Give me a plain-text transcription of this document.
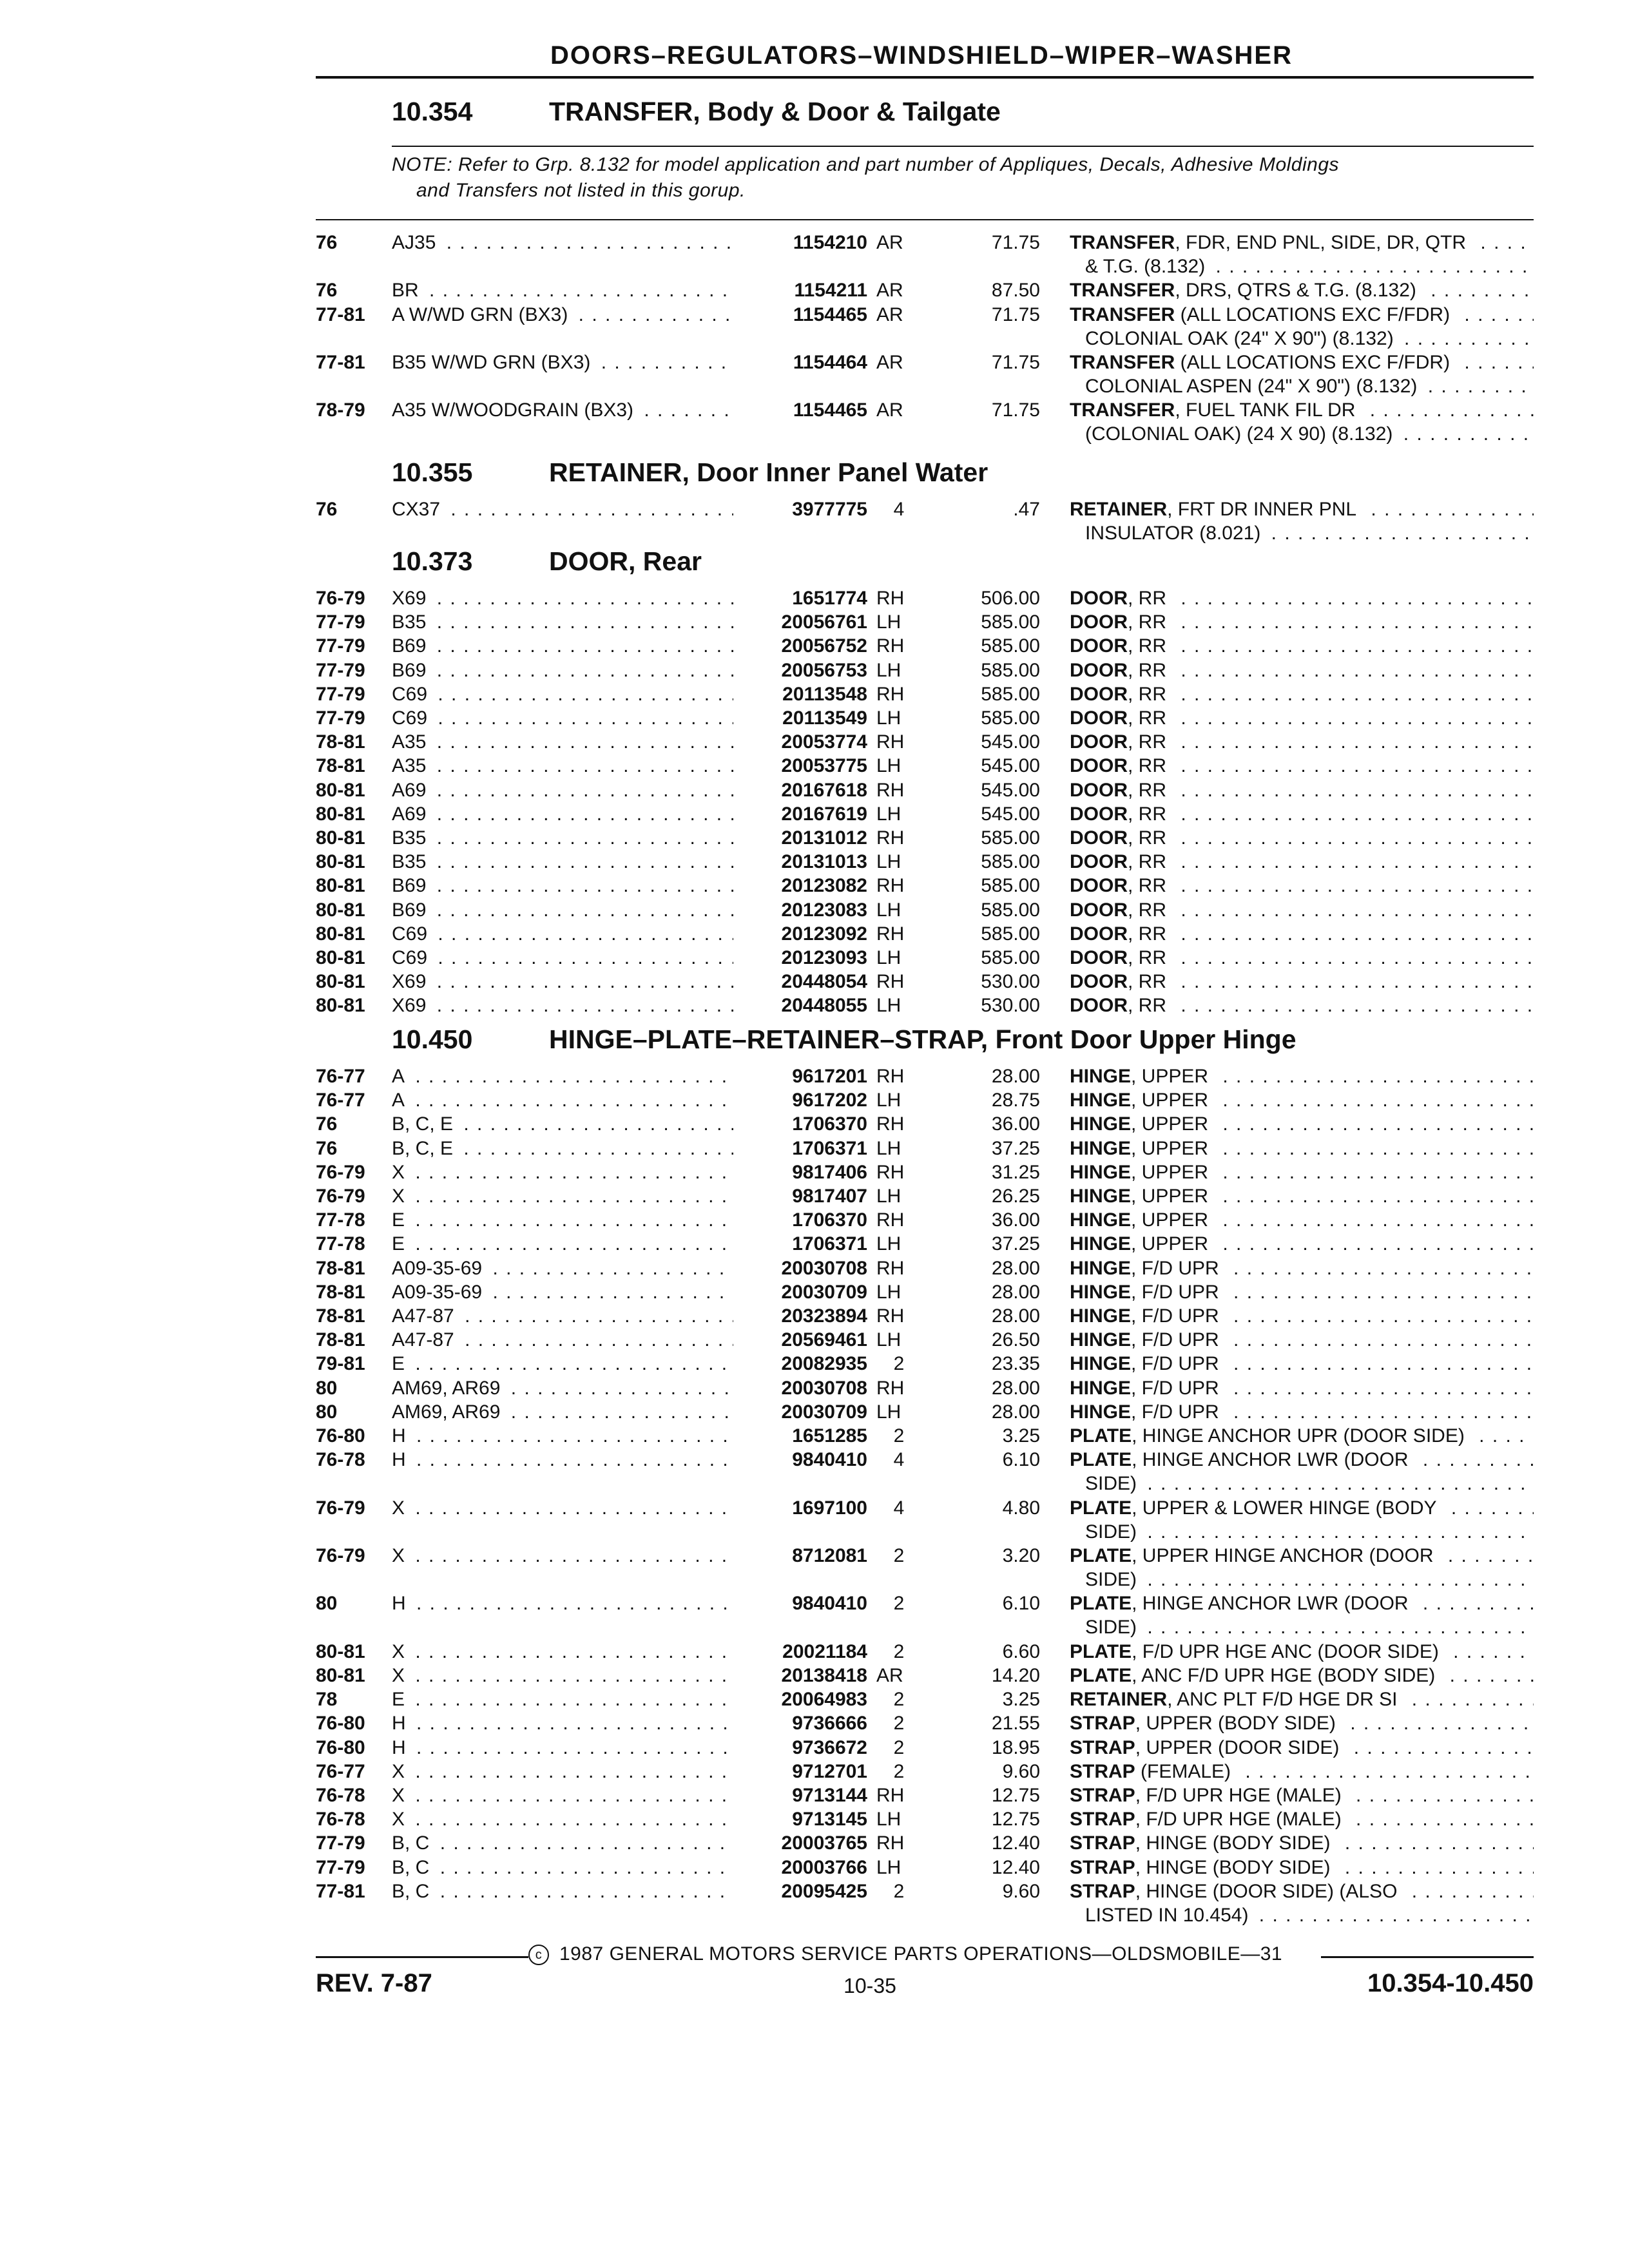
DOORS–REGULATORS–WINDSHIELD–WIPER–WASHER
10.354	TRANSFER, Body & Door & Tailgate
NOTE: Refer to Grp. 8.132 for model application and part number of Appliques, Decals, Adhesive Moldings

and Transfers not listed in this gorup.
76	AJ35 . . .	1154210 AR	71.75 TRANSFER, FDR, END PNL, SIDE, DR, QTR . . .
& T.G. (8.132) . . .
76	BR . . .	1154211 AR	87.50 TRANSFER, DRS, QTRS & T.G. (8.132) . . .
77-81 A W/WD GRN (BX3) . . .	1154465 AR	71.75 TRANSFER (ALL LOCATIONS EXC F/FDR) . . .
COLONIAL OAK (24" X 90") (8.132) . . .
77-81 B35 W/WD GRN (BX3) . . .	1154464 AR	71.75 TRANSFER (ALL LOCATIONS EXC F/FDR) . . .
COLONIAL ASPEN (24" X 90") (8.132) . . .
78-79 A35 W/WOODGRAIN (BX3) . . .	1154465 AR	71.75 TRANSFER, FUEL TANK FIL DR . . .
(COLONIAL OAK) (24 X 90) (8.132) . . .
10.355	RETAINER, Door Inner Panel Water
76	CX37 . . .	3977775	4	.47 RETAINER, FRT DR INNER PNL . . .
INSULATOR (8.021) . . .
10.373	DOOR, Rear
76-79 X69 . . .	1651774 RH	506.00 DOOR, RR . . .
77-79 B35 . . .	20056761 LH	585.00 DOOR, RR . . .
77-79 B69 . . .	20056752 RH	585.00 DOOR, RR . . .
77-79 B69 . . .	20056753 LH	585.00 DOOR, RR . . .
77-79 C69 . . .	20113548 RH	585.00 DOOR, RR . . .
77-79 C69 . . .	20113549 LH	585.00 DOOR, RR . . .
78-81 A35 . . .	20053774 RH	545.00 DOOR, RR . . .
78-81 A35 . . .	20053775 LH	545.00 DOOR, RR . . .
80-81 A69 . . .	20167618 RH	545.00 DOOR, RR . . .
80-81 A69 . . .	20167619 LH	545.00 DOOR, RR . . .
80-81 B35 . . .	20131012 RH	585.00 DOOR, RR . . .
80-81 B35 . . .	20131013 LH	585.00 DOOR, RR . . .
80-81 B69 . . .	20123082 RH	585.00 DOOR, RR . . .
80-81 B69 . . .	20123083 LH	585.00 DOOR, RR . . .
80-81 C69 . . .	20123092 RH	585.00 DOOR, RR . . .
80-81 C69 . . .	20123093 LH	585.00 DOOR, RR . . .
80-81 X69 . . .	20448054 RH	530.00 DOOR, RR . . .
80-81 X69 . . .	20448055 LH	530.00 DOOR, RR . . .
10.450	HINGE–PLATE–RETAINER–STRAP, Front Door Upper Hinge
76-77 A . . .	9617201 RH	28.00 HINGE, UPPER . . .
76-77 A . . .	9617202 LH	28.75 HINGE, UPPER . . .
76	B, C, E . . .	1706370 RH	36.00 HINGE, UPPER . . .
76	B, C, E . . .	1706371 LH	37.25 HINGE, UPPER . . .
76-79 X . . .	9817406 RH	31.25 HINGE, UPPER . . .
76-79 X . . .	9817407 LH	26.25 HINGE, UPPER . . .
77-78 E . . .	1706370 RH	36.00 HINGE, UPPER . . .
77-78 E . . .	1706371 LH	37.25 HINGE, UPPER . . .
78-81 A09-35-69 . . .	20030708 RH	28.00 HINGE, F/D UPR . . .
78-81 A09-35-69 . . .	20030709 LH	28.00 HINGE, F/D UPR . . .
78-81 A47-87 . . .	20323894 RH	28.00 HINGE, F/D UPR . . .
78-81 A47-87 . . .	20569461 LH	26.50 HINGE, F/D UPR . . .
79-81 E . . .	20082935	2	23.35 HINGE, F/D UPR . . .
80	AM69, AR69 . . .	20030708 RH	28.00 HINGE, F/D UPR . . .
80	AM69, AR69 . . .	20030709 LH	28.00 HINGE, F/D UPR . . .
76-80 H . . .	1651285	2	3.25 PLATE, HINGE ANCHOR UPR (DOOR SIDE) . . .
76-78 H . . .	9840410	4	6.10 PLATE, HINGE ANCHOR LWR (DOOR . . .
SIDE) . . .
76-79 X . . .	1697100	4	4.80 PLATE, UPPER & LOWER HINGE (BODY . . .
SIDE) . . .
76-79 X . . .	8712081	2	3.20 PLATE, UPPER HINGE ANCHOR (DOOR . . .
SIDE) . . .
80	H . . .	9840410	2	6.10 PLATE, HINGE ANCHOR LWR (DOOR . . .
SIDE) . . .
80-81 X . . .	20021184	2	6.60 PLATE, F/D UPR HGE ANC (DOOR SIDE) . . .
80-81 X . . .	20138418 AR	14.20 PLATE, ANC F/D UPR HGE (BODY SIDE) . . .
78	E . . .	20064983	2	3.25 RETAINER, ANC PLT F/D HGE DR SI . . .
76-80 H . . .	9736666	2	21.55 STRAP, UPPER (BODY SIDE) . . .
76-80 H . . .	9736672	2	18.95 STRAP, UPPER (DOOR SIDE) . . .
76-77 X . . .	9712701	2	9.60 STRAP (FEMALE) . . .
76-78 X . . .	9713144 RH	12.75 STRAP, F/D UPR HGE (MALE) . . .
76-78 X . . .	9713145 LH	12.75 STRAP, F/D UPR HGE (MALE) . . .
77-79 B, C . . .	20003765 RH	12.40 STRAP, HINGE (BODY SIDE) . . .
77-79 B, C . . .	20003766 LH	12.40 STRAP, HINGE (BODY SIDE) . . .
77-81 B, C . . .	20095425	2	9.60 STRAP, HINGE (DOOR SIDE) (ALSO . . .
LISTED IN 10.454) . . .
c 1987 GENERAL MOTORS SERVICE PARTS OPERATIONS—OLDSMOBILE—31
REV. 7-87	10-35	10.354-10.450
